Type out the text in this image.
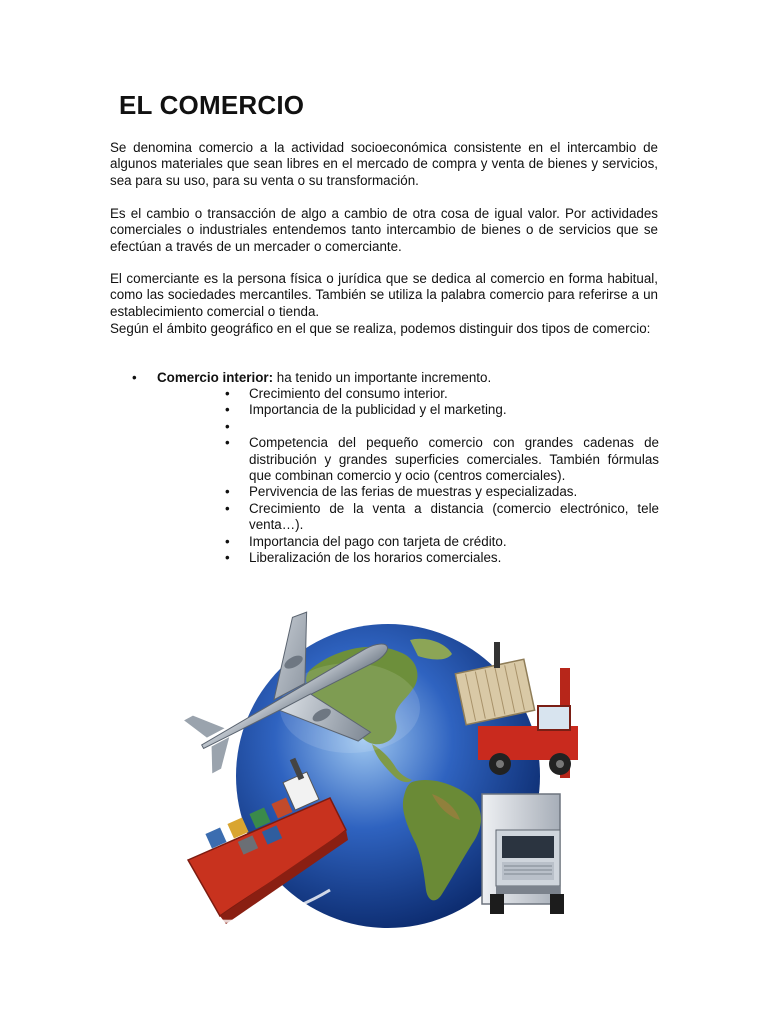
EL COMERCIO

Se denomina comercio a la actividad socioeconómica consistente en el intercambio de algunos materiales que sean libres en el mercado de compra y venta de bienes y servicios, sea para su uso, para su venta o su transformación.

Es el cambio o transacción de algo a cambio de otra cosa de igual valor. Por actividades comerciales o industriales entendemos tanto intercambio de bienes o de servicios que se efectúan a través de un mercader o comerciante.

El comerciante es la persona física o jurídica que se dedica al comercio en forma habitual, como las sociedades mercantiles. También se utiliza la palabra comercio para referirse a un establecimiento comercial o tienda.

Según el ámbito geográfico en el que se realiza, podemos distinguir dos tipos de comercio:

• Comercio interior: ha tenido un importante incremento.
• Crecimiento del consumo interior.
• Importancia de la publicidad y el marketing.
•
• Competencia del pequeño comercio con grandes cadenas de distribución y grandes superficies comerciales. También fórmulas que combinan comercio y ocio (centros comerciales).
• Pervivencia de las ferias de muestras y especializadas.
• Crecimiento de la venta a distancia (comercio electrónico, tele venta…).
• Importancia del pago con tarjeta de crédito.
• Liberalización de los horarios comerciales.
